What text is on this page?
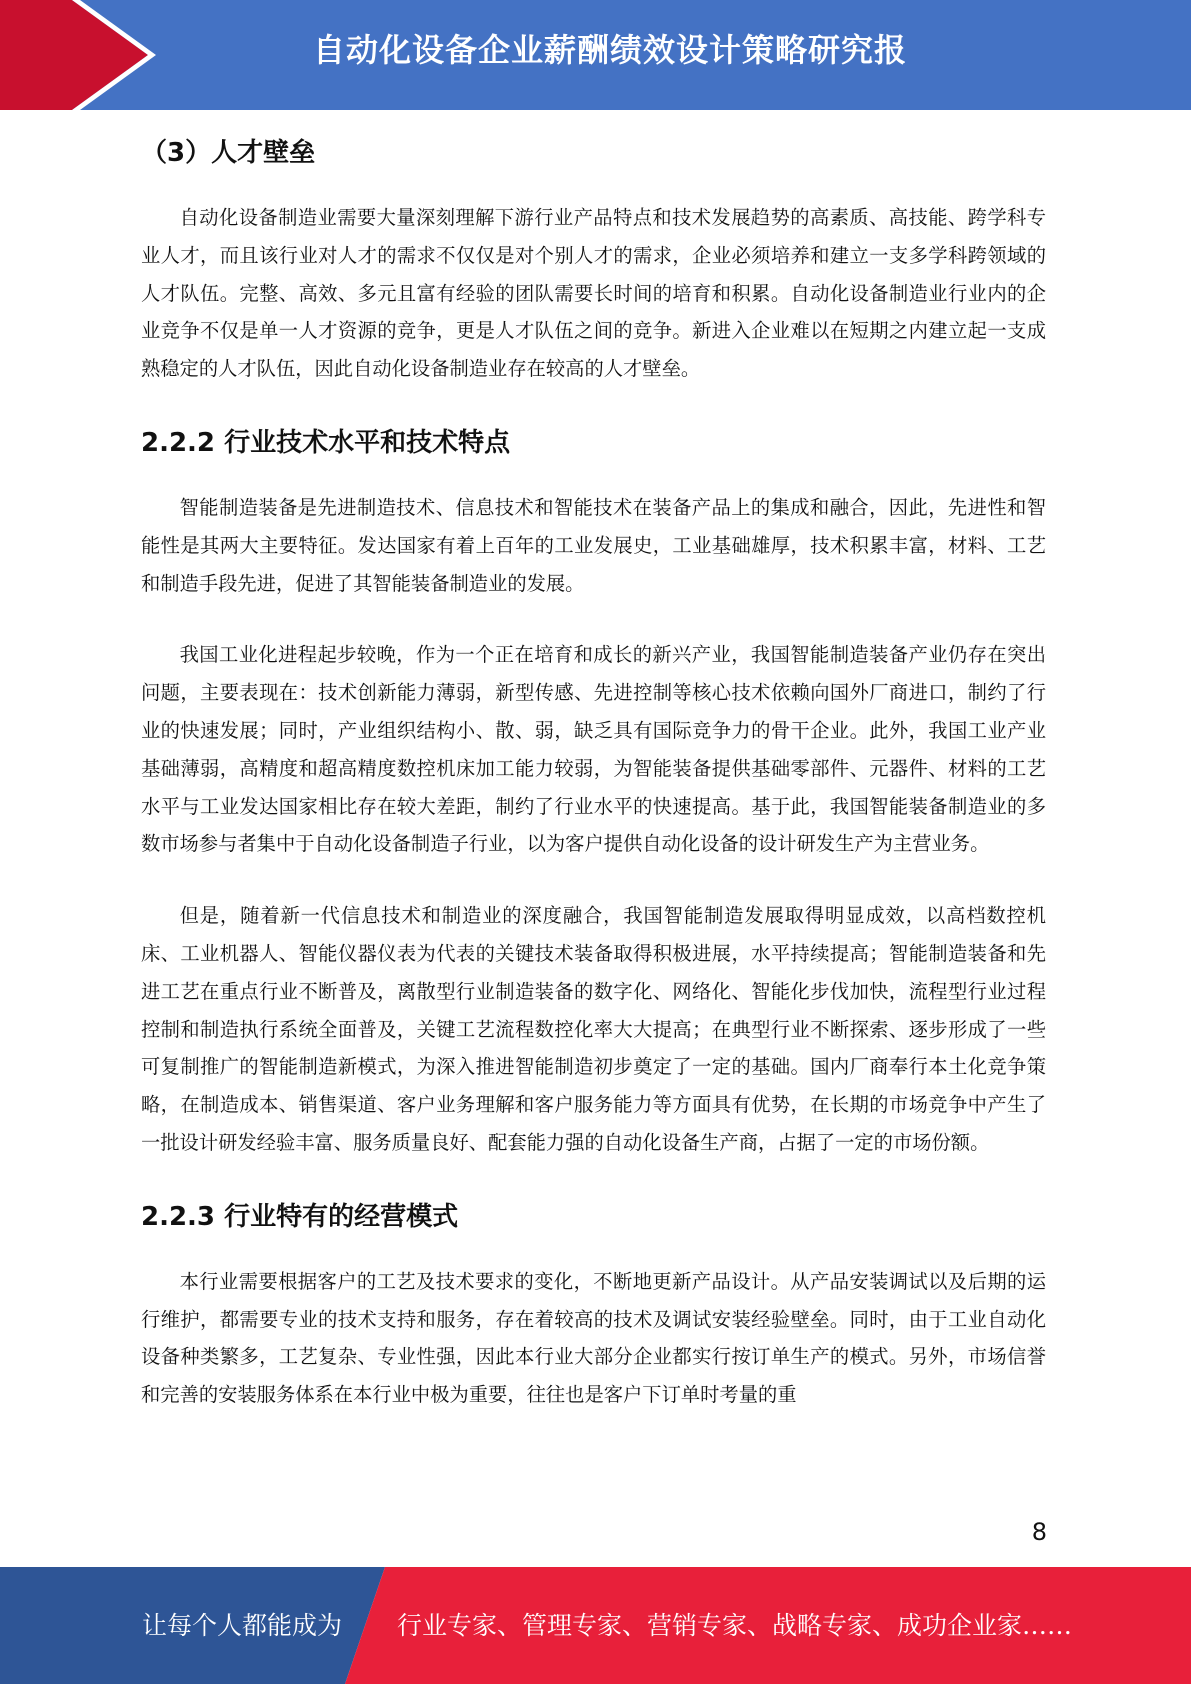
自动化设备企业薪酬绩效设计策略研究报告
（3）人才壁垒

自动化设备制造业需要大量深刻理解下游行业产品特点和技术发展趋势的高素质、高技能、跨学科专业人才，而且该行业对人才的需求不仅仅是对个别人才的需求，企业必须培养和建立一支多学科跨领域的人才队伍。完整、高效、多元且富有经验的团队需要长时间的培育和积累。自动化设备制造业行业内的企业竞争不仅是单一人才资源的竞争，更是人才队伍之间的竞争。新进入企业难以在短期之内建立起一支成熟稳定的人才队伍，因此自动化设备制造业存在较高的人才壁垒。

2.2.2 行业技术水平和技术特点

智能制造装备是先进制造技术、信息技术和智能技术在装备产品上的集成和融合，因此，先进性和智能性是其两大主要特征。发达国家有着上百年的工业发展史，工业基础雄厚，技术积累丰富，材料、工艺和制造手段先进，促进了其智能装备制造业的发展。

我国工业化进程起步较晚，作为一个正在培育和成长的新兴产业，我国智能制造装备产业仍存在突出问题，主要表现在：技术创新能力薄弱，新型传感、先进控制等核心技术依赖向国外厂商进口，制约了行业的快速发展；同时，产业组织结构小、散、弱，缺乏具有国际竞争力的骨干企业。此外，我国工业产业基础薄弱，高精度和超高精度数控机床加工能力较弱，为智能装备提供基础零部件、元器件、材料的工艺水平与工业发达国家相比存在较大差距，制约了行业水平的快速提高。基于此，我国智能装备制造业的多数市场参与者集中于自动化设备制造子行业，以为客户提供自动化设备的设计研发生产为主营业务。

但是，随着新一代信息技术和制造业的深度融合，我国智能制造发展取得明显成效，以高档数控机床、工业机器人、智能仪器仪表为代表的关键技术装备取得积极进展，水平持续提高；智能制造装备和先进工艺在重点行业不断普及，离散型行业制造装备的数字化、网络化、智能化步伐加快，流程型行业过程控制和制造执行系统全面普及，关键工艺流程数控化率大大提高；在典型行业不断探索、逐步形成了一些可复制推广的智能制造新模式，为深入推进智能制造初步奠定了一定的基础。国内厂商奉行本土化竞争策略，在制造成本、销售渠道、客户业务理解和客户服务能力等方面具有优势，在长期的市场竞争中产生了一批设计研发经验丰富、服务质量良好、配套能力强的自动化设备生产商，占据了一定的市场份额。

2.2.3 行业特有的经营模式

本行业需要根据客户的工艺及技术要求的变化，不断地更新产品设计。从产品安装调试以及后期的运行维护，都需要专业的技术支持和服务，存在着较高的技术及调试安装经验壁垒。同时，由于工业自动化设备种类繁多，工艺复杂、专业性强，因此本行业大部分企业都实行按订单生产的模式。另外，市场信誉和完善的安装服务体系在本行业中极为重要，往往也是客户下订单时考量的重

8
让每个人都能成为 行业专家、管理专家、营销专家、战略专家、成功企业家……
